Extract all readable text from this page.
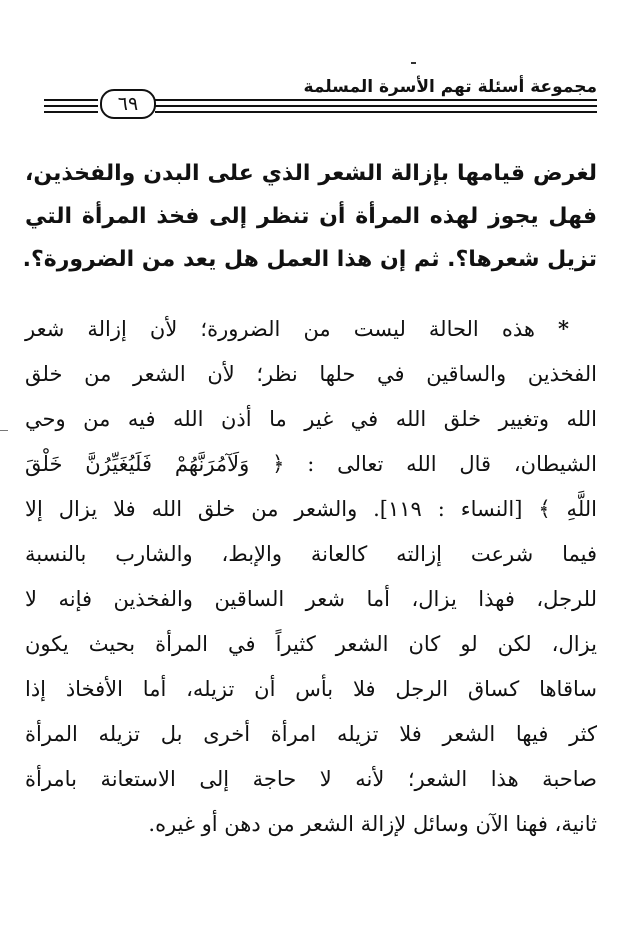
مجموعة أسئلة تهم الأسرة المسلمة
٦٩
لغرض قيامها بإزالة الشعر الذي على البدن والفخذين،
فهل يجوز لهذه المرأة أن تنظر إلى فخذ المرأة التي
تزيل شعرها؟. ثم إن هذا العمل هل يعد من الضرورة؟.
* هذه الحالة ليست من الضرورة؛ لأن إزالة شعر
الفخذين والساقين في حلها نظر؛ لأن الشعر من خلق
الله وتغيير خلق الله في غير ما أذن الله فيه من وحي
الشيطان، قال الله تعالى : ﴿ وَلَآمُرَنَّهُمْ فَلَيُغَيِّرُنَّ خَلْقَ
اللَّهِ ﴾ [النساء : ١١٩]. والشعر من خلق الله فلا يزال إلا
فيما شرعت إزالته كالعانة والإبط، والشارب بالنسبة
للرجل، فهذا يزال، أما شعر الساقين والفخذين فإنه لا
يزال، لكن لو كان الشعر كثيراً في المرأة بحيث يكون
ساقاها كساق الرجل فلا بأس أن تزيله، أما الأفخاذ إذا
كثر فيها الشعر فلا تزيله امرأة أخرى بل تزيله المرأة
صاحبة هذا الشعر؛ لأنه لا حاجة إلى الاستعانة بامرأة
ثانية، فهنا الآن وسائل لإزالة الشعر من دهن أو غيره.
